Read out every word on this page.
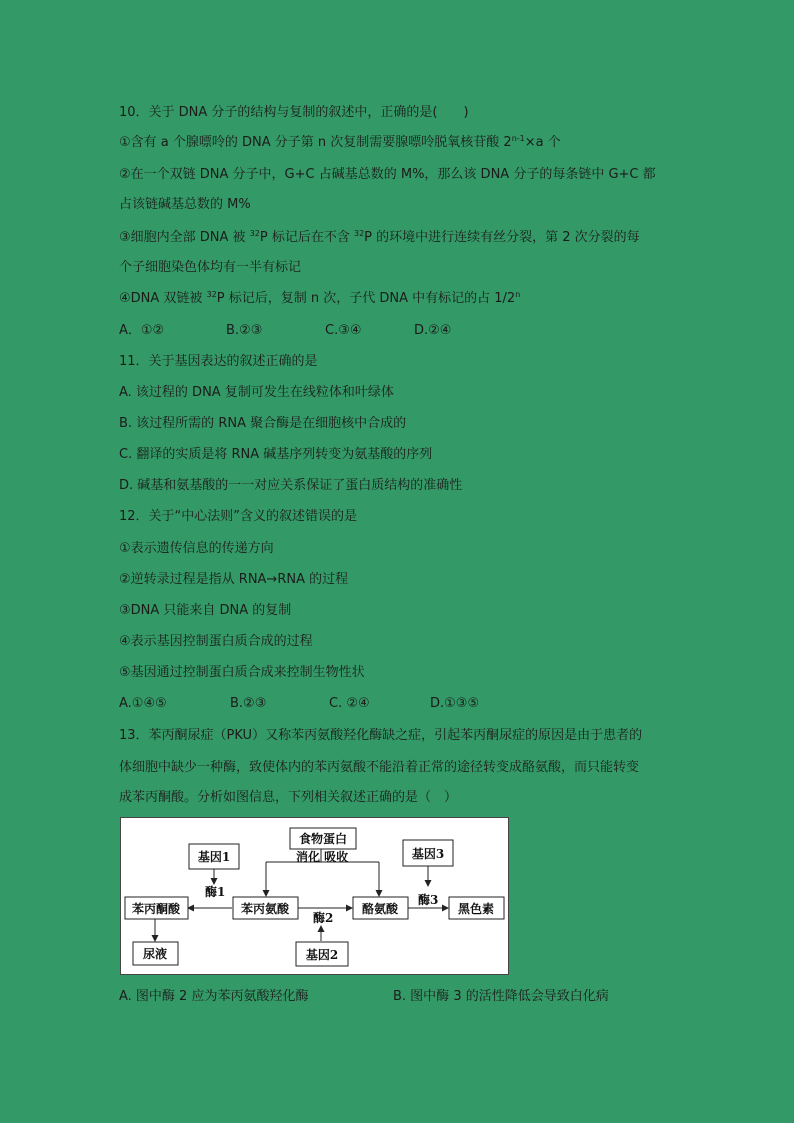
10．关于 DNA 分子的结构与复制的叙述中，正确的是(　　)
①含有 a 个腺嘌呤的 DNA 分子第 n 次复制需要腺嘌呤脱氧核苷酸 $2^{n-1}\times a$ 个
②在一个双链 DNA 分子中，G+C 占碱基总数的 M%，那么该 DNA 分子的每条链中 G+C 都
占该链碱基总数的 M%
③细胞内全部 DNA 被 $^{32}$P 标记后在不含 $^{32}$P 的环境中进行连续有丝分裂，第 2 次分裂的每
个子细胞染色体均有一半有标记
④DNA 双链被 $^{32}$P 标记后，复制 n 次，子代 DNA 中有标记的占 1/2$^n$
A．①②	B.②③	C.③④	D.②④
11．关于基因表达的叙述正确的是
A. 该过程的 DNA 复制可发生在线粒体和叶绿体
B. 该过程所需的 RNA 聚合酶是在细胞核中合成的
C. 翻译的实质是将 RNA 碱基序列转变为氨基酸的序列
D. 碱基和氨基酸的一一对应关系保证了蛋白质结构的准确性
12．关于“中心法则”含义的叙述错误的是
①表示遗传信息的传递方向
②逆转录过程是指从 RNA→RNA 的过程
③DNA 只能来自 DNA 的复制
④表示基因控制蛋白质合成的过程
⑤基因通过控制蛋白质合成来控制生物性状
A.①④⑤	B.②③	C. ②④	D.①③⑤
13．苯丙酮尿症（PKU）又称苯丙氨酸羟化酶缺之症，引起苯丙酮尿症的原因是由于患者的
体细胞中缺少一种酶，致使体内的苯丙氨酸不能沿着正常的途径转变成酪氨酸，而只能转变
成苯丙酮酸。分析如图信息，下列相关叙述正确的是（　）
食物蛋白
基因1	基因3
苯丙酮酸	苯丙氨酸	酪氨酸	黑色素
尿液	基因2
消化 吸收
酶1
酶2
酶3
A. 图中酶 2 应为苯丙氨酸羟化酶	B. 图中酶 3 的活性降低会导致白化病
